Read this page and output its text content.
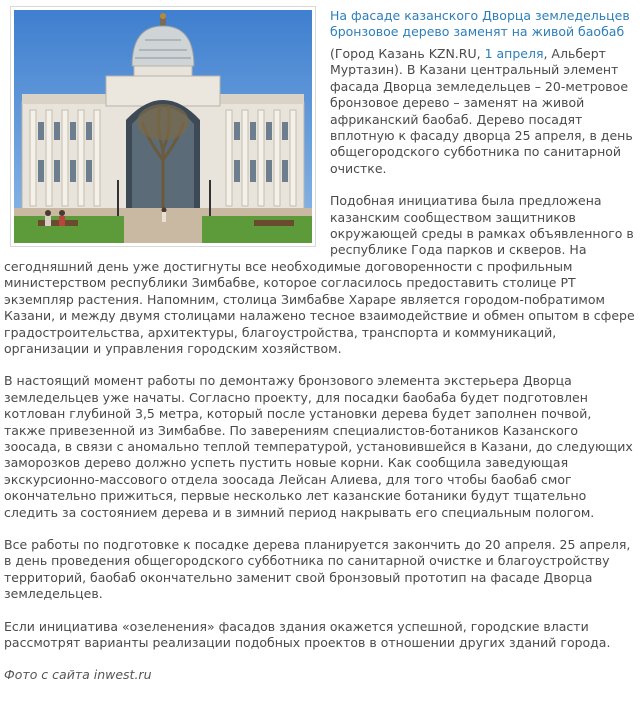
На фасаде казанского Дворца земледельцев бронзовое дерево заменят на живой баобаб

(Город Казань KZN.RU, 1 апреля, Альберт Муртазин). В Казани центральный элемент фасада Дворца земледельцев – 20-метровое бронзовое дерево – заменят на живой африканский баобаб. Дерево посадят вплотную к фасаду дворца 25 апреля, в день общегородского субботника по санитарной очистке.

Подобная инициатива была предложена казанским сообществом защитников окружающей среды в рамках объявленного в республике Года парков и скверов. На сегодняшний день уже достигнуты все необходимые договоренности с профильным министерством республики Зимбабве, которое согласилось предоставить столице РТ экземпляр растения. Напомним, столица Зимбабве Хараре является городом-побратимом Казани, и между двумя столицами налажено тесное взаимодействие и обмен опытом в сфере градостроительства, архитектуры, благоустройства, транспорта и коммуникаций, организации и управления городским хозяйством.

В настоящий момент работы по демонтажу бронзового элемента экстерьера Дворца земледельцев уже начаты. Согласно проекту, для посадки баобаба будет подготовлен котлован глубиной 3,5 метра, который после установки дерева будет заполнен почвой, также привезенной из Зимбабве. По заверениям специалистов-ботаников Казанского зоосада, в связи с аномально теплой температурой, установившейся в Казани, до следующих заморозков дерево должно успеть пустить новые корни. Как сообщила заведующая экскурсионно-массового отдела зоосада Лейсан Алиева, для того чтобы баобаб смог окончательно прижиться, первые несколько лет казанские ботаники будут тщательно следить за состоянием дерева и в зимний период накрывать его специальным пологом.

Все работы по подготовке к посадке дерева планируется закончить до 20 апреля. 25 апреля, в день проведения общегородского субботника по санитарной очистке и благоустройству территорий, баобаб окончательно заменит свой бронзовый прототип на фасаде Дворца земледельцев.

Если инициатива «озеленения» фасадов здания окажется успешной, городские власти рассмотрят варианты реализации подобных проектов в отношении других зданий города.

Фото с сайта inwest.ru
